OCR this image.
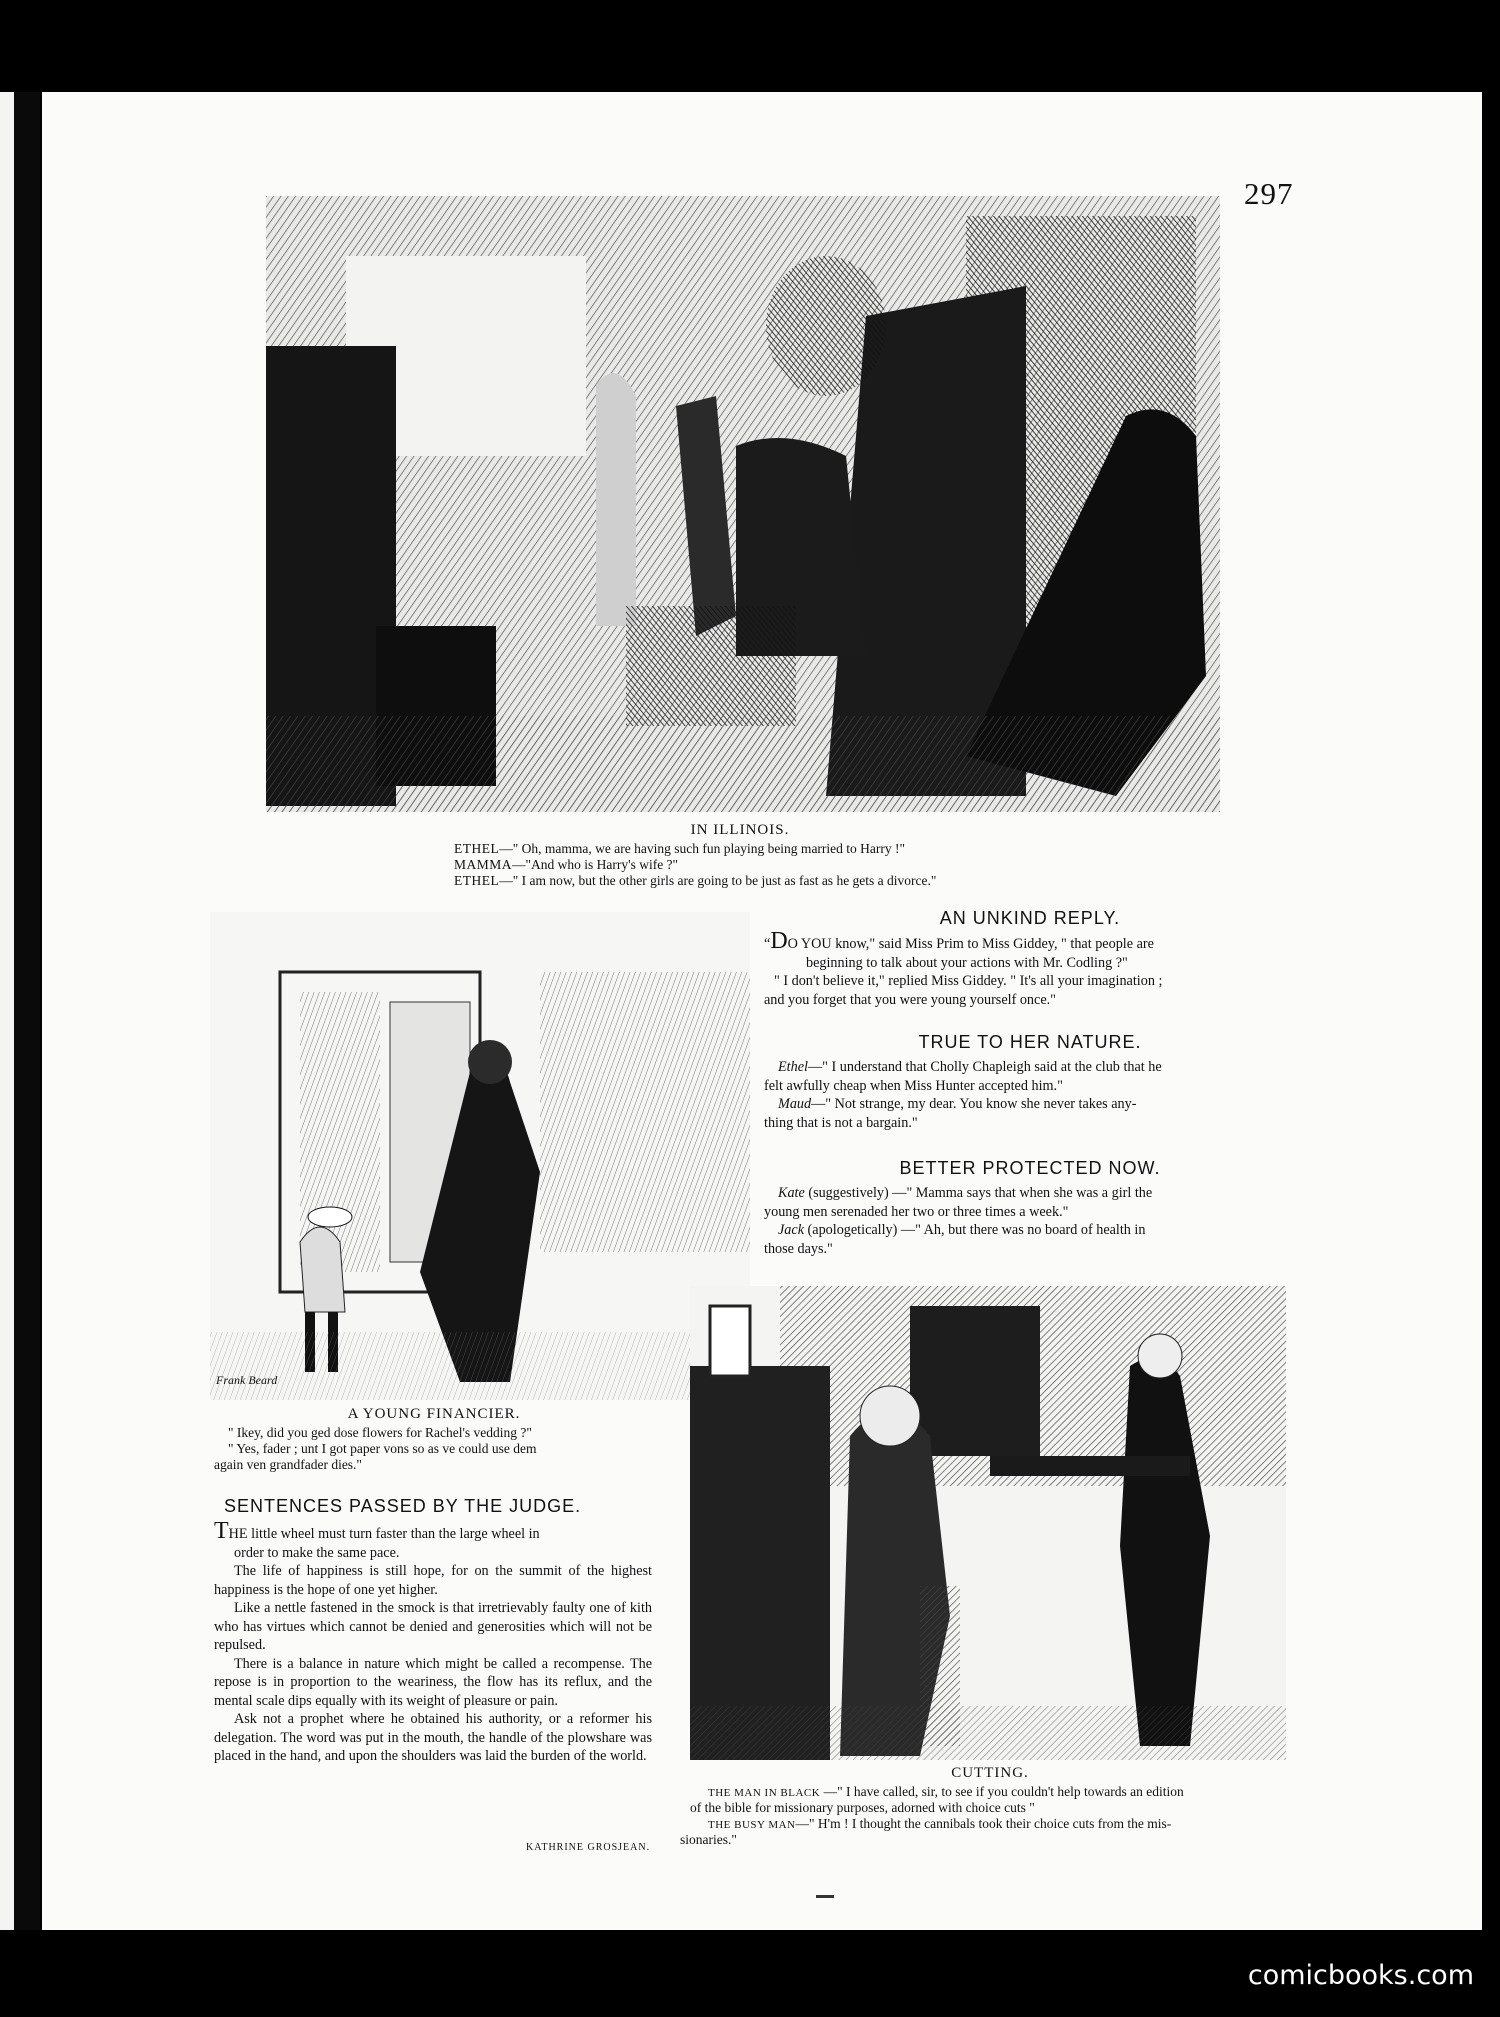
297
IN ILLINOIS.
ETHEL—" Oh, mamma, we are having such fun playing being married to Harry !"
MAMMA—"And who is Harry's wife ?"
ETHEL—" I am now, but the other girls are going to be just as fast as he gets a divorce."
Frank Beard
A YOUNG FINANCIER.
" Ikey, did you ged dose flowers for Rachel's vedding ?"
" Yes, fader ; unt I got paper vons so as ve could use dem
again ven grandfader dies."
AN UNKIND REPLY.

“DO YOU know," said Miss Prim to Miss Giddey, " that people are

beginning to talk about your actions with Mr. Codling ?"

" I don't believe it," replied Miss Giddey. " It's all your imagination ;

and you forget that you were young yourself once."

TRUE TO HER NATURE.

Ethel—" I understand that Cholly Chapleigh said at the club that he

felt awfully cheap when Miss Hunter accepted him."

Maud—" Not strange, my dear. You know she never takes any-

thing that is not a bargain."

BETTER PROTECTED NOW.

Kate (suggestively) —" Mamma says that when she was a girl the

young men serenaded her two or three times a week."

Jack (apologetically) —" Ah, but there was no board of health in

those days."

CUTTING.
THE MAN IN BLACK —" I have called, sir, to see if you couldn't help towards an edition
of the bible for missionary purposes, adorned with choice cuts "
THE BUSY MAN—" H'm ! I thought the cannibals took their choice cuts from the mis-
sionaries."
SENTENCES PASSED BY THE JUDGE.

THE little wheel must turn faster than the large wheel in

order to make the same pace.

The life of happiness is still hope, for on the summit of the highest happiness is the hope of one yet higher.

Like a nettle fastened in the smock is that irretrievably faulty one of kith who has virtues which cannot be denied and generosities which will not be repulsed.

There is a balance in nature which might be called a recompense. The repose is in proportion to the weariness, the flow has its reflux, and the mental scale dips equally with its weight of pleasure or pain.

Ask not a prophet where he obtained his authority, or a reformer his delegation. The word was put in the mouth, the handle of the plowshare was placed in the hand, and upon the shoulders was laid the burden of the world.

KATHRINE GROSJEAN.
comicbooks.com
